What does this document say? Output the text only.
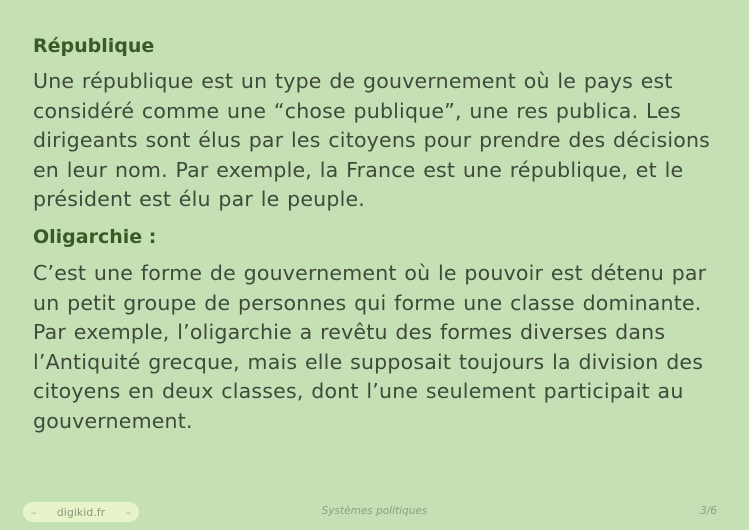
République

Une république est un type de gouvernement où le pays est considéré comme une “chose publique”, une res publica. Les dirigeants sont élus par les citoyens pour prendre des décisions en leur nom. Par exemple, la France est une république, et le président est élu par le peuple.

Oligarchie :

C’est une forme de gouvernement où le pouvoir est détenu par un petit groupe de personnes qui forme une classe dominante. Par exemple, l’oligarchie a revêtu des formes diverses dans l’Antiquité grecque, mais elle supposait toujours la division des citoyens en deux classes, dont l’une seulement participait au gouvernement.

– digikid.fr –	Systèmes politiques	3/6
